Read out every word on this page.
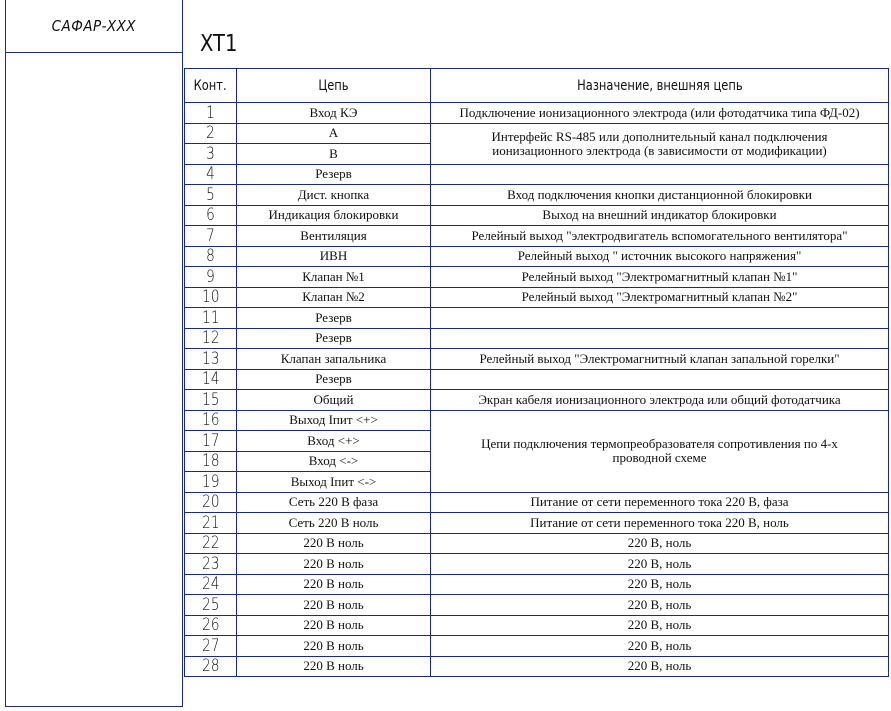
САФАР-ХХХ
XT1
Конт.	Цепь	Назначение, внешняя цепь
1	Вход КЭ	Подключение ионизационного электрода (или фотодатчика типа ФД-02)
2	А	Интерфейс RS-485 или дополнительный канал подключения ионизационного электрода (в зависимости от модификации)
3	В	
4	Резерв	
5	Дист. кнопка	Вход подключения кнопки дистанционной блокировки
6	Индикация блокировки	Выход на внешний индикатор блокировки
7	Вентиляция	Релейный выход "электродвигатель вспомогательного вентилятора"
8	ИВН	Релейный выход " источник высокого напряжения"
9	Клапан №1	Релейный выход "Электромагнитный клапан №1"
10	Клапан №2	Релейный выход "Электромагнитный клапан №2"
11	Резерв	
12	Резерв	
13	Клапан запальника	Релейный выход "Электромагнитный клапан запальной горелки"
14	Резерв	
15	Общий	Экран кабеля ионизационного электрода или общий фотодатчика
16	Выход Iпит <+>	Цепи подключения термопреобразователя сопротивления по 4-х проводной схеме
17	Вход <+>	
18	Вход <->	
19	Выход Iпит <->	
20	Сеть 220 В фаза	Питание от сети переменного тока 220 В, фаза
21	Сеть 220 В ноль	Питание от сети переменного тока 220 В, ноль
22	220 В ноль	220 В, ноль
23	220 В ноль	220 В, ноль
24	220 В ноль	220 В, ноль
25	220 В ноль	220 В, ноль
26	220 В ноль	220 В, ноль
27	220 В ноль	220 В, ноль
28	220 В ноль	220 В, ноль
